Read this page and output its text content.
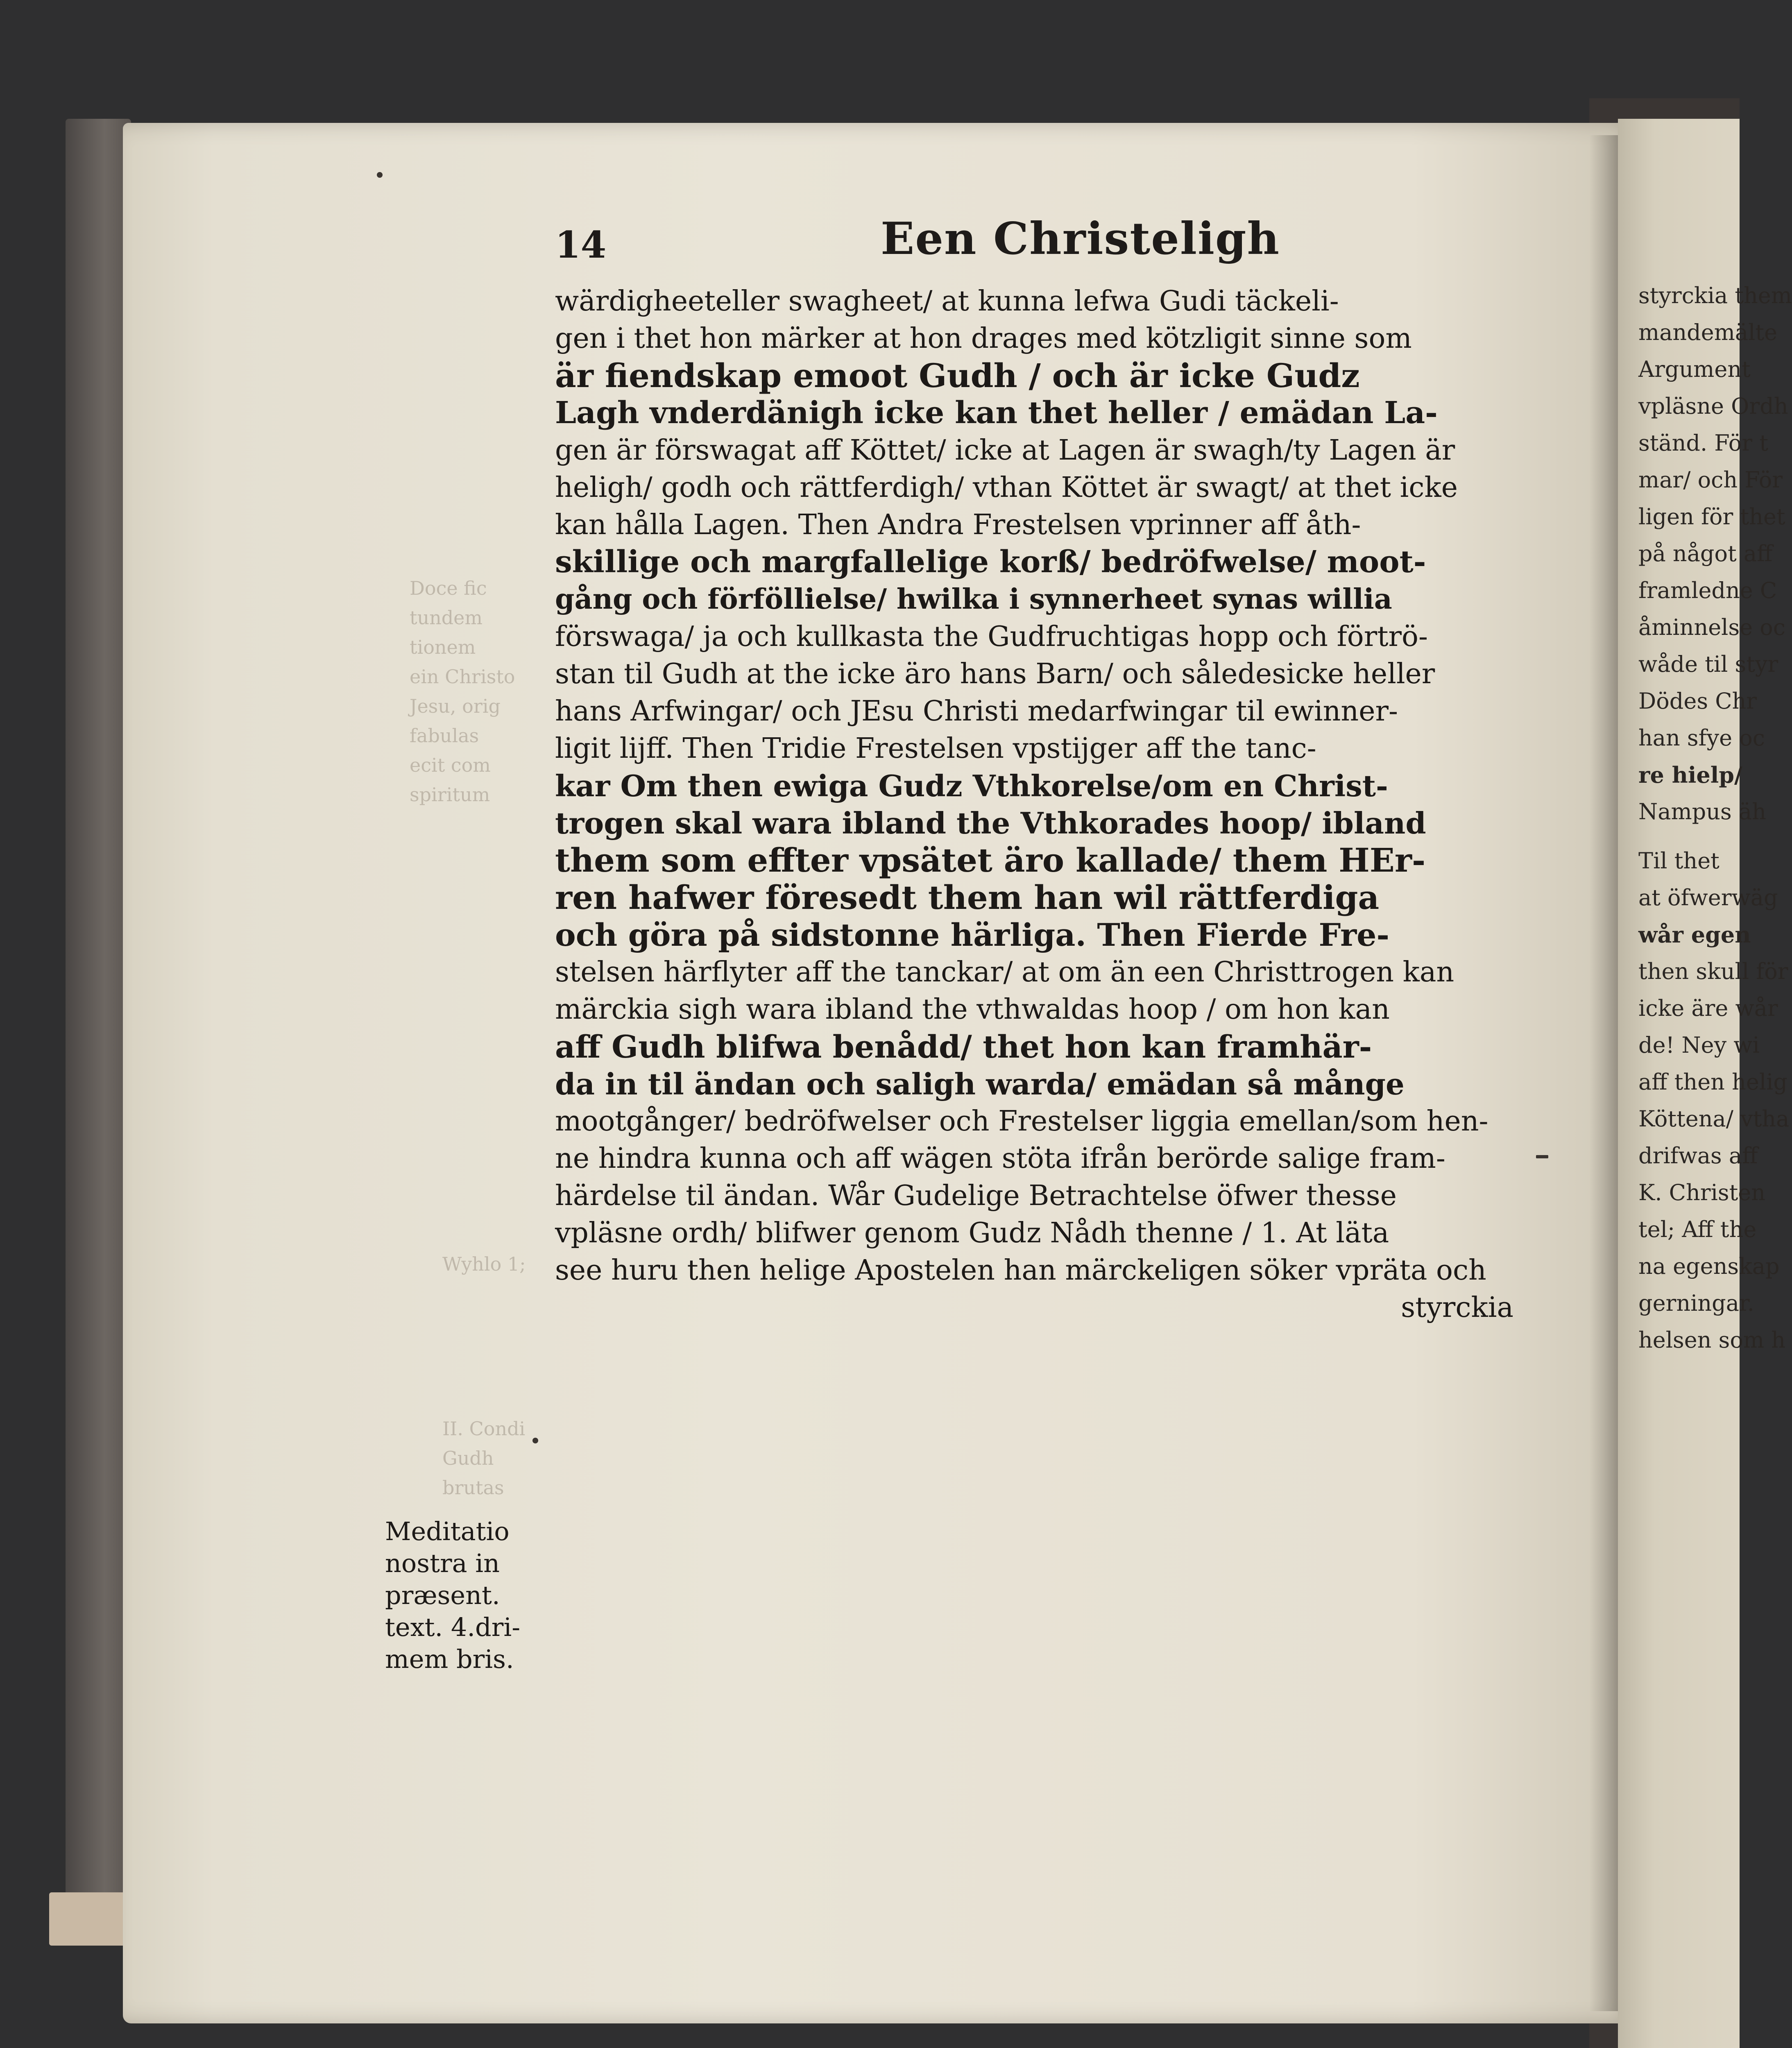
Doce fic
tundem
tionem
ein Christo
Jesu, orig
fabulas
ecit com
spiritum
Wyhlo 1;
II. Condi
Gudh
brutas
14	Een Christeligh
wärdigheeteller swagheet/ at kunna lefwa Gudi täckeli-
gen i thet hon märker at hon drages med kötzligit sinne som
är fiendskap emoot Gudh / och är icke Gudz
Lagh vnderdänigh icke kan thet heller / emädan La-
gen är förswagat aff Köttet/ icke at Lagen är swagh/ty Lagen är
heligh/ godh och rättferdigh/ vthan Köttet är swagt/ at thet icke
kan hålla Lagen. Then Andra Frestelsen vprinner aff åth-
skillige och margfallelige korß/ bedröfwelse/ moot-
gång och förföllielse/ hwilka i synnerheet synas willia
förswaga/ ja och kullkasta the Gudfruchtigas hopp och förtrö-
stan til Gudh at the icke äro hans Barn/ och såledesicke heller
hans Arfwingar/ och JEsu Christi medarfwingar til ewinner-
ligit lijff. Then Tridie Frestelsen vpstijger aff the tanc-
kar Om then ewiga Gudz Vthkorelse/om en Christ-
trogen skal wara ibland the Vthkorades hoop/ ibland
them som effter vpsätet äro kallade/ them HEr-
ren hafwer föresedt them han wil rättferdiga
och göra på sidstonne härliga. Then Fierde Fre-
stelsen härflyter aff the tanckar/ at om än een Christtrogen kan
märckia sigh wara ibland the vthwaldas hoop / om hon kan
aff Gudh blifwa benådd/ thet hon kan framhär-
da in til ändan och saligh warda/ emädan så månge
mootgånger/ bedröfwelser och Frestelser liggia emellan/som hen-
ne hindra kunna och aff wägen stöta ifrån berörde salige fram-
härdelse til ändan. Wår Gudelige Betrachtelse öfwer thesse
vpläsne ordh/ blifwer genom Gudz Nådh thenne / 1. At läta
see huru then helige Apostelen han märckeligen söker vpräta och
styrckia
Meditatio
nostra in
præsent.
text. 4.dri-
mem bris.
styrckia them
mandemälte
Argument
vpläsne Ordh
ständ. För t
mar/ och För
ligen för thet
på något aff
framledne C
åminnelse oc
wåde til styr
Dödes Chr
han sfye oc
re hielp/
Nampus äh
Til thet
at öfwerwäg
wår egen
then skull för
icke äre wår
de! Ney wi
aff then helig
Köttena/ vtha
drifwas aff
K. Christen
tel; Aff the
na egenskap
gerningar.
helsen som h
